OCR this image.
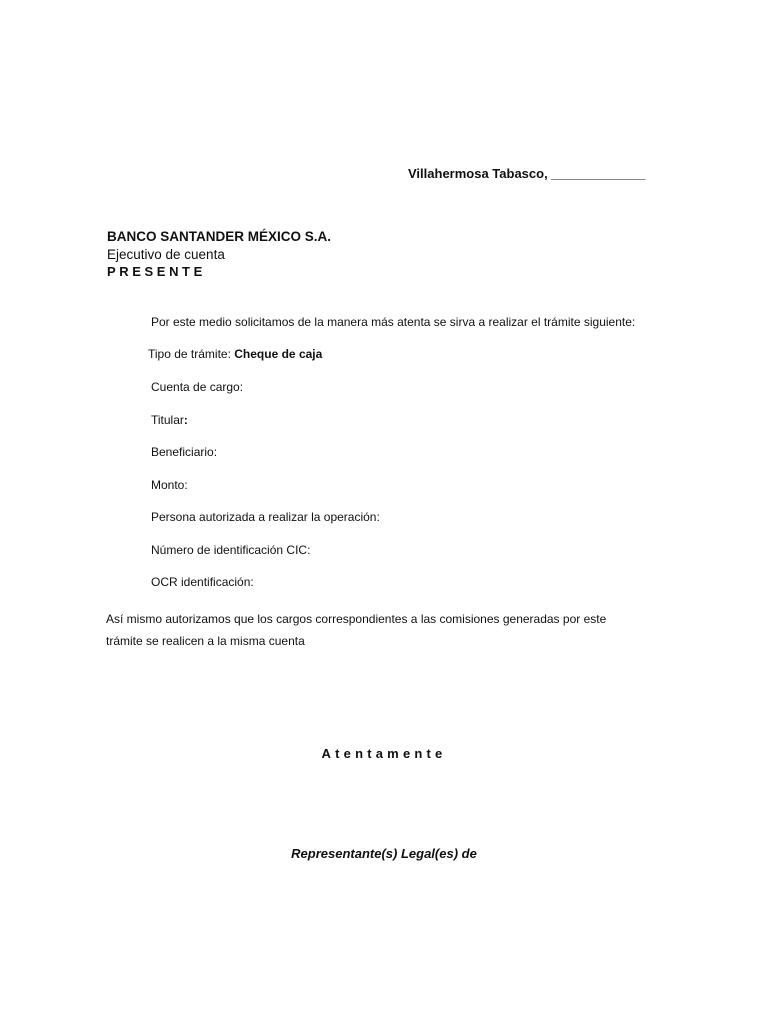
Villahermosa Tabasco, _____________
BANCO SANTANDER MÉXICO S.A.
Ejecutivo de cuenta
PRESENTE
Por este medio solicitamos de la manera más atenta se sirva a realizar el trámite siguiente:
Tipo de trámite: Cheque de caja
Cuenta de cargo:
Titular:
Beneficiario:
Monto:
Persona autorizada a realizar la operación:
Número de identificación CIC:
OCR identificación:
Así mismo autorizamos que los cargos correspondientes a las comisiones generadas por este trámite se realicen a la misma cuenta
Atentamente
Representante(s) Legal(es) de
